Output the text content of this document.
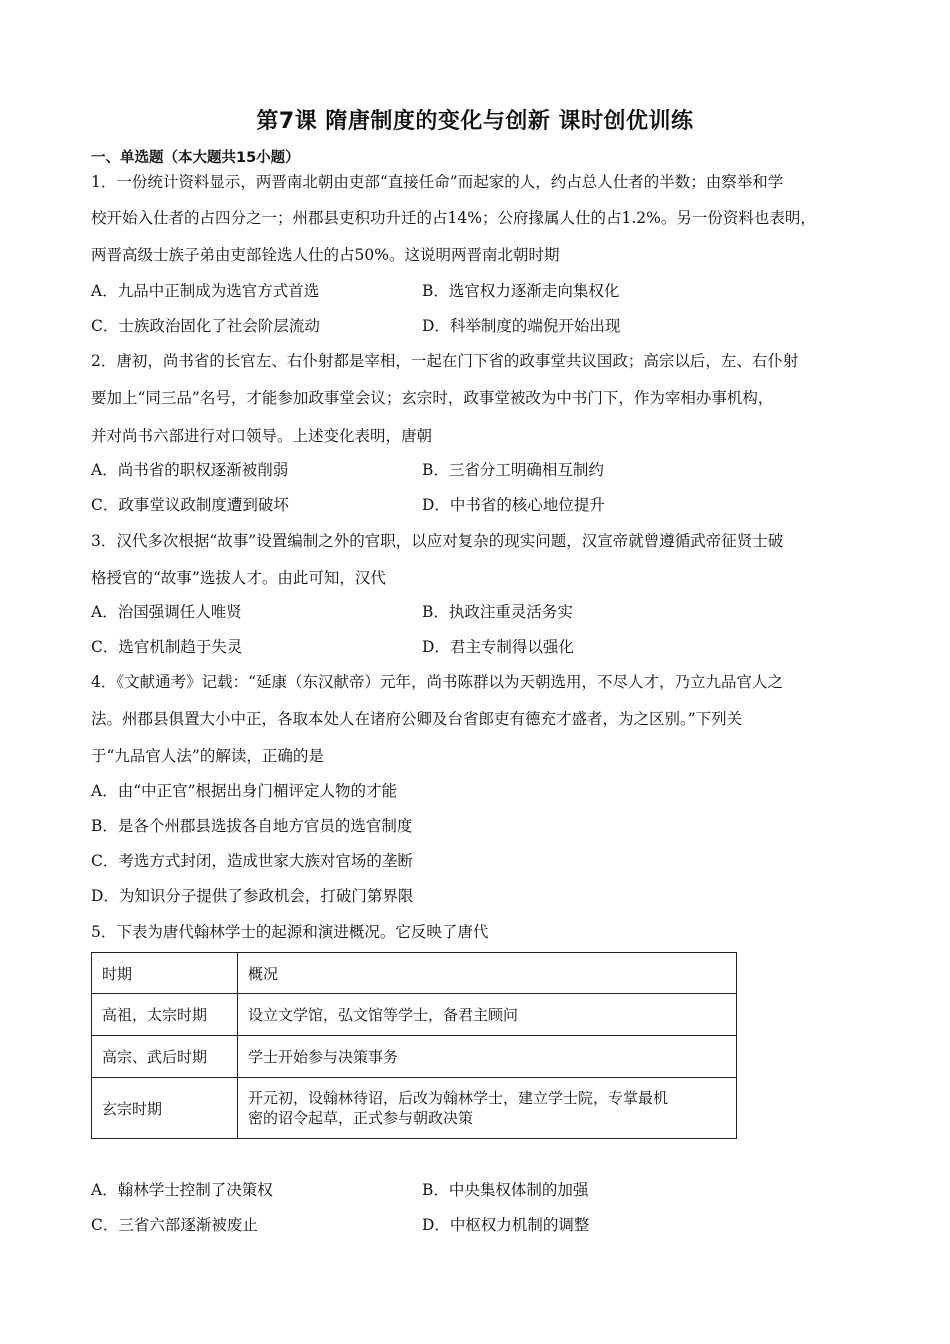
第7课 隋唐制度的变化与创新 课时创优训练
一、单选题（本大题共15小题）
1．一份统计资料显示，两晋南北朝由吏部“直接任命”而起家的人，约占总人仕者的半数；由察举和学
校开始入仕者的占四分之一；州郡县吏积功升迁的占14%；公府掾属人仕的占1.2%。另一份资料也表明，
两晋高级士族子弟由吏部铨选人仕的占50%。这说明两晋南北朝时期
A．九品中正制成为选官方式首选	B．选官权力逐渐走向集权化
C．士族政治固化了社会阶层流动	D．科举制度的端倪开始出现
2．唐初，尚书省的长官左、右仆射都是宰相，一起在门下省的政事堂共议国政；高宗以后，左、右仆射
要加上“同三品”名号，才能参加政事堂会议；玄宗时，政事堂被改为中书门下，作为宰相办事机构，
并对尚书六部进行对口领导。上述变化表明，唐朝
A．尚书省的职权逐渐被削弱	B．三省分工明确相互制约
C．政事堂议政制度遭到破坏	D．中书省的核心地位提升
3．汉代多次根据“故事”设置编制之外的官职，以应对复杂的现实问题，汉宣帝就曾遵循武帝征贤士破
格授官的“故事”选拔人才。由此可知，汉代
A．治国强调任人唯贤	B．执政注重灵活务实
C．选官机制趋于失灵	D．君主专制得以强化
4．《文献通考》记载：“延康（东汉献帝）元年，尚书陈群以为天朝选用，不尽人才，乃立九品官人之
法。州郡县俱置大小中正，各取本处人在诸府公卿及台省郎吏有德充才盛者，为之区别。”下列关
于“九品官人法”的解读，正确的是
A．由“中正官”根据出身门楣评定人物的才能
B．是各个州郡县选拔各自地方官员的选官制度
C．考选方式封闭，造成世家大族对官场的垄断
D．为知识分子提供了参政机会，打破门第界限
5．下表为唐代翰林学士的起源和演进概况。它反映了唐代
时期	概况
高祖，太宗时期	设立文学馆，弘文馆等学士，备君主顾问
高宗、武后时期	学士开始参与决策事务
玄宗时期	开元初，设翰林待诏，后改为翰林学士，建立学士院，专掌最机
密的诏令起草，正式参与朝政决策
A．翰林学士控制了决策权	B．中央集权体制的加强
C．三省六部逐渐被废止	D．中枢权力机制的调整
